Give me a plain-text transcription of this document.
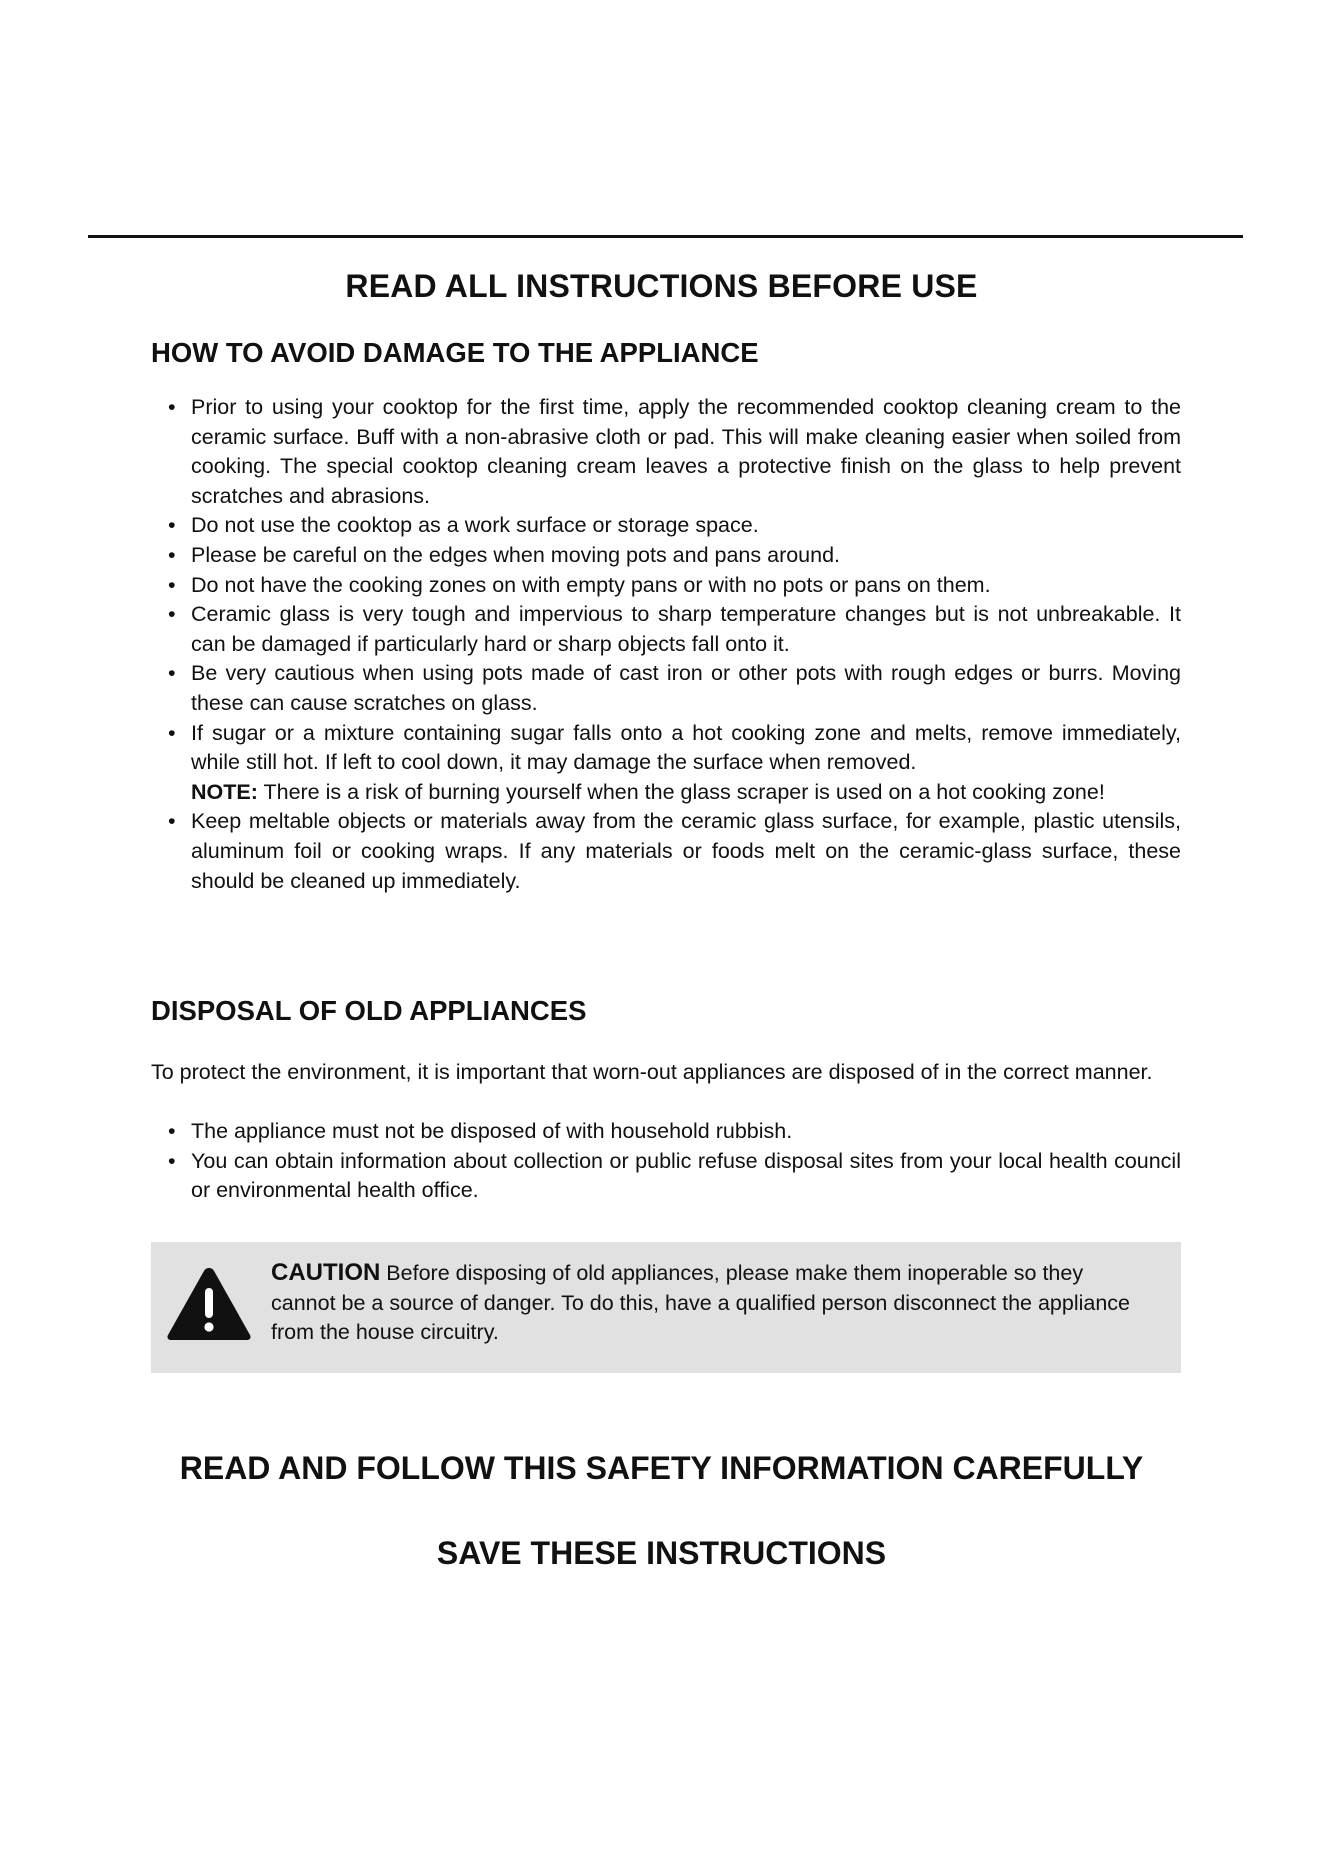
READ ALL INSTRUCTIONS BEFORE USE
HOW TO AVOID DAMAGE TO THE APPLIANCE
• Prior to using your cooktop for the first time, apply the recommended cooktop cleaning cream to the ceramic surface. Buff with a non-abrasive cloth or pad. This will make cleaning easier when soiled from cooking. The special cooktop cleaning cream leaves a protective finish on the glass to help prevent scratches and abrasions.
• Do not use the cooktop as a work surface or storage space.
• Please be careful on the edges when moving pots and pans around.
• Do not have the cooking zones on with empty pans or with no pots or pans on them.
• Ceramic glass is very tough and impervious to sharp temperature changes but is not unbreakable. It can be damaged if particularly hard or sharp objects fall onto it.
• Be very cautious when using pots made of cast iron or other pots with rough edges or burrs. Moving these can cause scratches on glass.
• If sugar or a mixture containing sugar falls onto a hot cooking zone and melts, remove immediately, while still hot. If left to cool down, it may damage the surface when removed.
NOTE: There is a risk of burning yourself when the glass scraper is used on a hot cooking zone!
• Keep meltable objects or materials away from the ceramic glass surface, for example, plastic utensils, aluminum foil or cooking wraps. If any materials or foods melt on the ceramic-glass surface, these should be cleaned up immediately.
DISPOSAL OF OLD APPLIANCES

To protect the environment, it is important that worn-out appliances are disposed of in the correct manner.

• The appliance must not be disposed of with household rubbish.
• You can obtain information about collection or public refuse disposal sites from your local health council or environmental health office.
CAUTION Before disposing of old appliances, please make them inoperable so they cannot be a source of danger. To do this, have a qualified person disconnect the appliance from the house circuitry.
READ AND FOLLOW THIS SAFETY INFORMATION CAREFULLY
SAVE THESE INSTRUCTIONS
